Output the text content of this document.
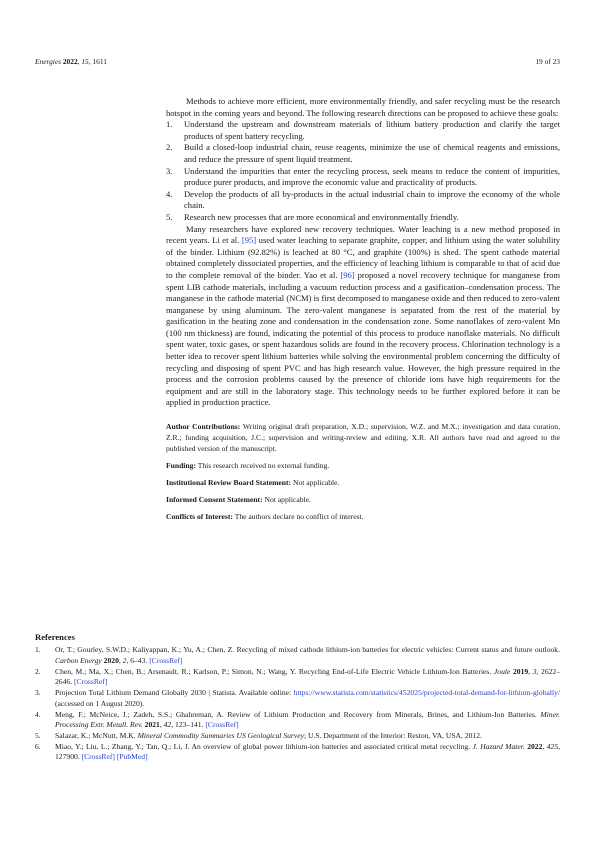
Energies 2022, 15, 1611	19 of 23

Methods to achieve more efficient, more environmentally friendly, and safer recycling must be the research hotspot in the coming years and beyond. The following research directions can be proposed to achieve these goals:

1. Understand the upstream and downstream materials of lithium battery production and clarify the target products of spent battery recycling.
2. Build a closed-loop industrial chain, reuse reagents, minimize the use of chemical reagents and emissions, and reduce the pressure of spent liquid treatment.
3. Understand the impurities that enter the recycling process, seek means to reduce the content of impurities, produce purer products, and improve the economic value and practicality of products.
4. Develop the products of all by-products in the actual industrial chain to improve the economy of the whole chain.
5. Research new processes that are more economical and environmentally friendly.

Many researchers have explored new recovery techniques. Water leaching is a new method proposed in recent years. Li et al. [95] used water leaching to separate graphite, copper, and lithium using the water solubility of the binder. Lithium (92.82%) is leached at 80 °C, and graphite (100%) is shed. The spent cathode material obtained completely dissociated properties, and the efficiency of leaching lithium is comparable to that of acid due to the complete removal of the binder. Yao et al. [96] proposed a novel recovery technique for manganese from spent LIB cathode materials, including a vacuum reduction process and a gasification–condensation process. The manganese in the cathode material (NCM) is first decomposed to manganese oxide and then reduced to zero-valent manganese by using aluminum. The zero-valent manganese is separated from the rest of the material by gasification in the heating zone and condensation in the condensation zone. Some nanoflakes of zero-valent Mn (100 nm thickness) are found, indicating the potential of this process to produce nanoflake materials. No difficult spent water, toxic gases, or spent hazardous solids are found in the recovery process. Chlorination technology is a better idea to recover spent lithium batteries while solving the environmental problem concerning the difficulty of recycling and disposing of spent PVC and has high research value. However, the high pressure required in the process and the corrosion problems caused by the presence of chloride ions have high requirements for the equipment and are still in the laboratory stage. This technology needs to be further explored before it can be applied in production practice.

Author Contributions: Writing original draft preparation, X.D.; supervision, W.Z. and M.X.; investigation and data curation, Z.R.; funding acquisition, J.C.; supervision and writing-review and editing, X.R. All authors have read and agreed to the published version of the manuscript.

Funding: This research received no external funding.

Institutional Review Board Statement: Not applicable.

Informed Consent Statement: Not applicable.

Conflicts of Interest: The authors declare no conflict of interest.

References
1. Or, T.; Gourley, S.W.D.; Kaliyappan, K.; Yu, A.; Chen, Z. Recycling of mixed cathode lithium-ion batteries for electric vehicles: Current status and future outlook. Carbon Energy 2020, 2, 6–43. [CrossRef]
2. Chen, M.; Ma, X.; Chen, B.; Arsenault, R.; Karlson, P.; Simon, N.; Wang, Y. Recycling End-of-Life Electric Vehicle Lithium-Ion Batteries. Joule 2019, 3, 2622–2646. [CrossRef]
3. Projection Total Lithium Demand Globally 2030 | Statista. Available online: https://www.statista.com/statistics/452025/projected-total-demand-for-lithium-globally/ (accessed on 1 August 2020).
4. Meng, F.; McNeice, J.; Zadeh, S.S.; Ghahreman, A. Review of Lithium Production and Recovery from Minerals, Brines, and Lithium-Ion Batteries. Miner. Processing Extr. Metall. Rev. 2021, 42, 123–141. [CrossRef]
5. Salazar, K.; McNutt, M.K. Mineral Commodity Summaries US Geological Survey; U.S. Department of the Interior: Reston, VA, USA, 2012.
6. Miao, Y.; Liu, L.; Zhang, Y.; Tan, Q.; Li, J. An overview of global power lithium-ion batteries and associated critical metal recycling. J. Hazard Mater. 2022, 425, 127900. [CrossRef] [PubMed]
